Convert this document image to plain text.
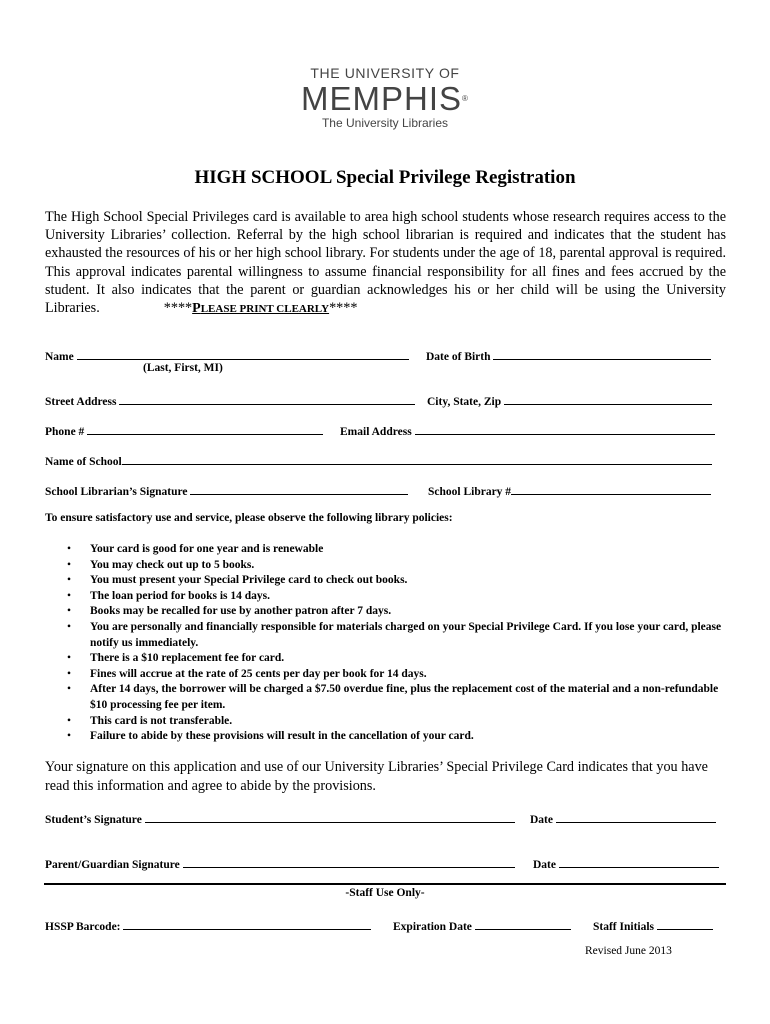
THE UNIVERSITY OF
MEMPHIS®
The University Libraries
HIGH SCHOOL Special Privilege Registration
The High School Special Privileges card is available to area high school students whose research requires access to the University Libraries’ collection. Referral by the high school librarian is required and indicates that the student has exhausted the resources of his or her high school library. For students under the age of 18, parental approval is required. This approval indicates parental willingness to assume financial responsibility for all fines and fees accrued by the student. It also indicates that the parent or guardian acknowledges his or her child will be using the University Libraries.	****PLEASE PRINT CLEARLY****
Name	Date of Birth
(Last, First, MI)
Street Address	City, State, Zip
Phone #	Email Address
Name of School
School Librarian’s Signature	School Library #
To ensure satisfactory use and service, please observe the following library policies:
• Your card is good for one year and is renewable
• You may check out up to 5 books.
• You must present your Special Privilege card to check out books.
• The loan period for books is 14 days.
• Books may be recalled for use by another patron after 7 days.
• You are personally and financially responsible for materials charged on your Special Privilege Card. If you lose your card, please notify us immediately.
• There is a $10 replacement fee for card.
• Fines will accrue at the rate of 25 cents per day per book for 14 days.
• After 14 days, the borrower will be charged a $7.50 overdue fine, plus the replacement cost of the material and a non-refundable $10 processing fee per item.
• This card is not transferable.
• Failure to abide by these provisions will result in the cancellation of your card.
Your signature on this application and use of our University Libraries’ Special Privilege Card indicates that you have read this information and agree to abide by the provisions.
Student’s Signature	Date
Parent/Guardian Signature	Date
-Staff Use Only-
HSSP Barcode:	Expiration Date	Staff Initials
Revised June 2013
